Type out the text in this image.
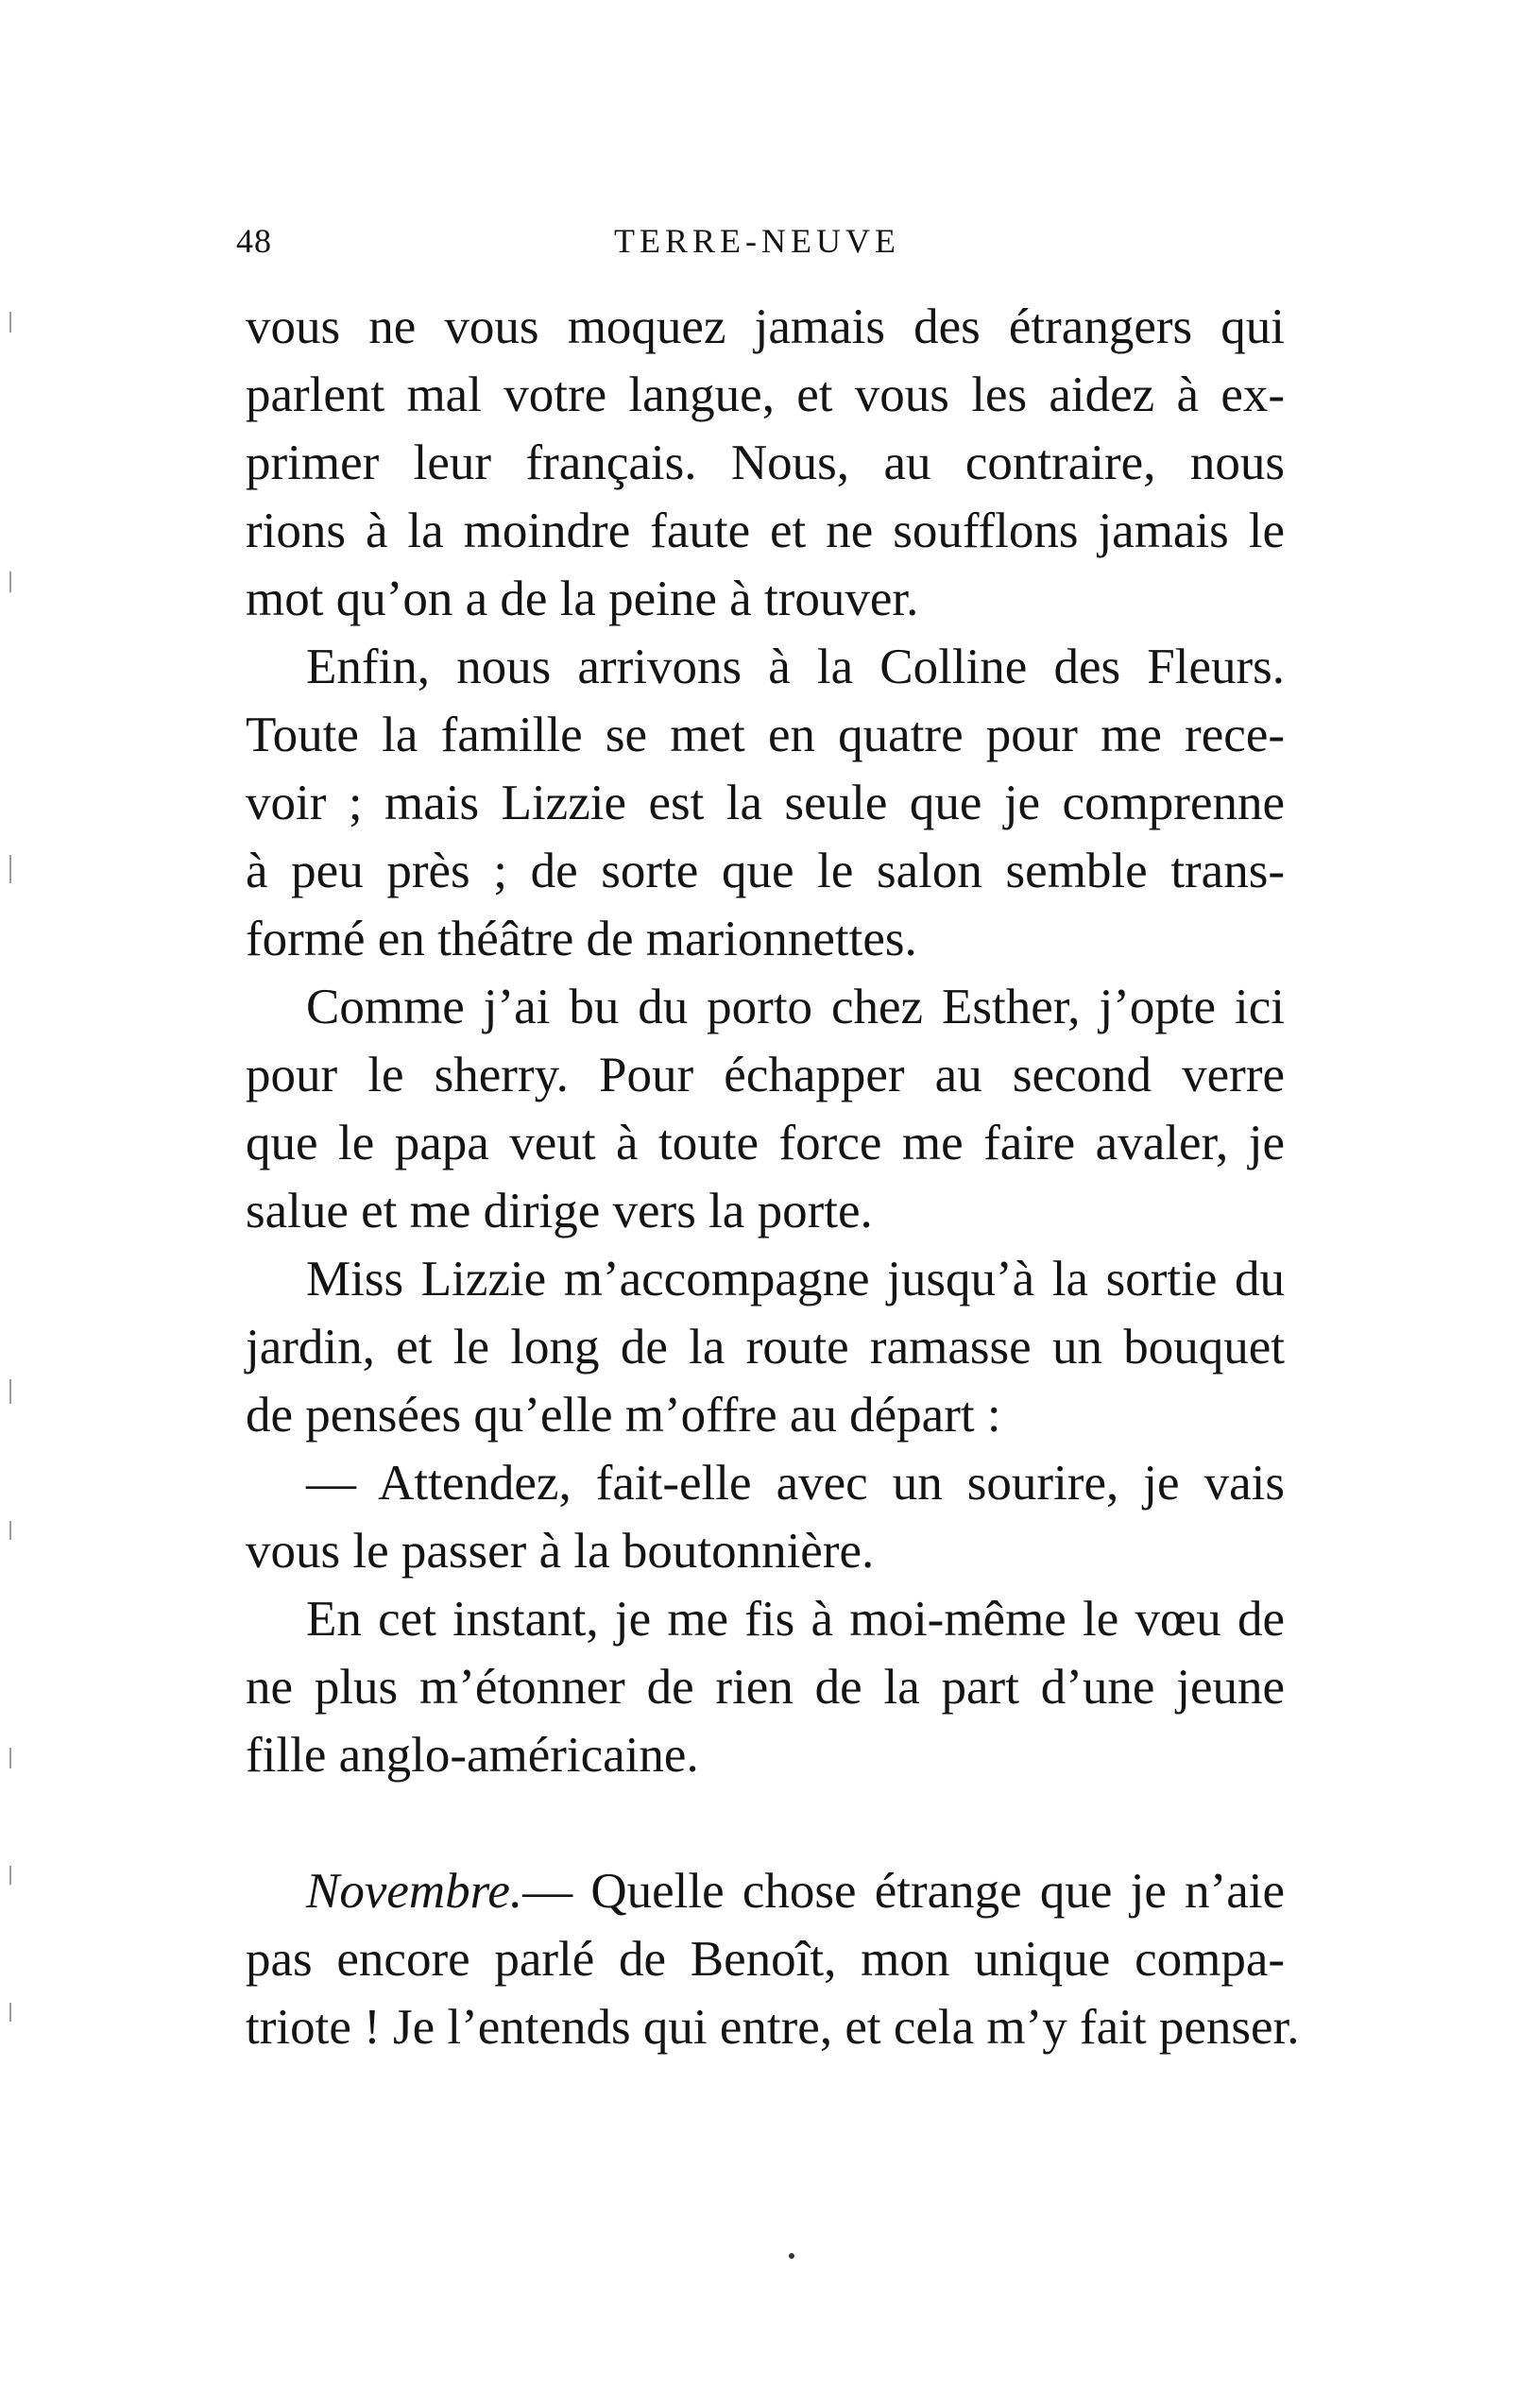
48	TERRE-NEUVE
vous ne vous moquez jamais des étrangers qui
parlent mal votre langue, et vous les aidez à ex-
primer leur français. Nous, au contraire, nous
rions à la moindre faute et ne soufflons jamais le
mot qu’on a de la peine à trouver.
Enfin, nous arrivons à la Colline des Fleurs.
Toute la famille se met en quatre pour me rece-
voir ; mais Lizzie est la seule que je comprenne
à peu près ; de sorte que le salon semble trans-
formé en théâtre de marionnettes.
Comme j’ai bu du porto chez Esther, j’opte ici
pour le sherry. Pour échapper au second verre
que le papa veut à toute force me faire avaler, je
salue et me dirige vers la porte.
Miss Lizzie m’accompagne jusqu’à la sortie du
jardin, et le long de la route ramasse un bouquet
de pensées qu’elle m’offre au départ :
— Attendez, fait-elle avec un sourire, je vais
vous le passer à la boutonnière.
En cet instant, je me fis à moi-même le vœu de
ne plus m’étonner de rien de la part d’une jeune
fille anglo-américaine.
Novembre.— Quelle chose étrange que je n’aie
pas encore parlé de Benoît, mon unique compa-
triote ! Je l’entends qui entre, et cela m’y fait penser.
